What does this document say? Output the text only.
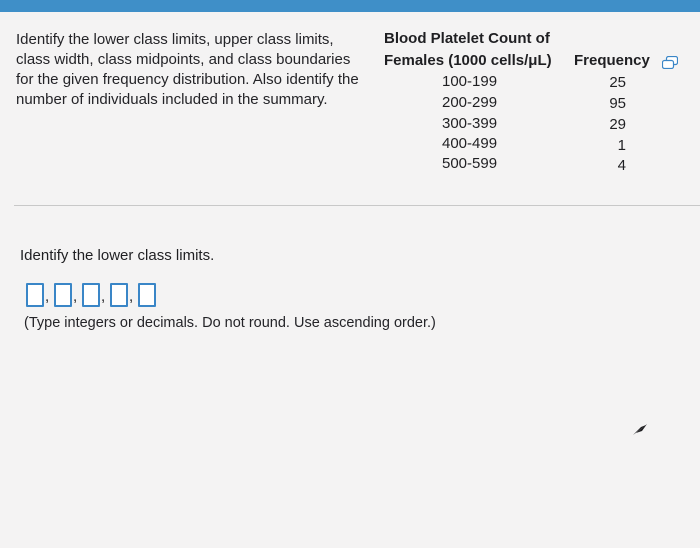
Identify the lower class limits, upper class limits, class width, class midpoints, and class boundaries for the given frequency distribution. Also identify the number of individuals included in the summary.
Blood Platelet Count of
Females (1000 cells/μL)	Frequency
100-199	25
200-299	95
300-399	29
400-499	1
500-599	4
Identify the lower class limits.
, , , ,
(Type integers or decimals. Do not round. Use ascending order.)
